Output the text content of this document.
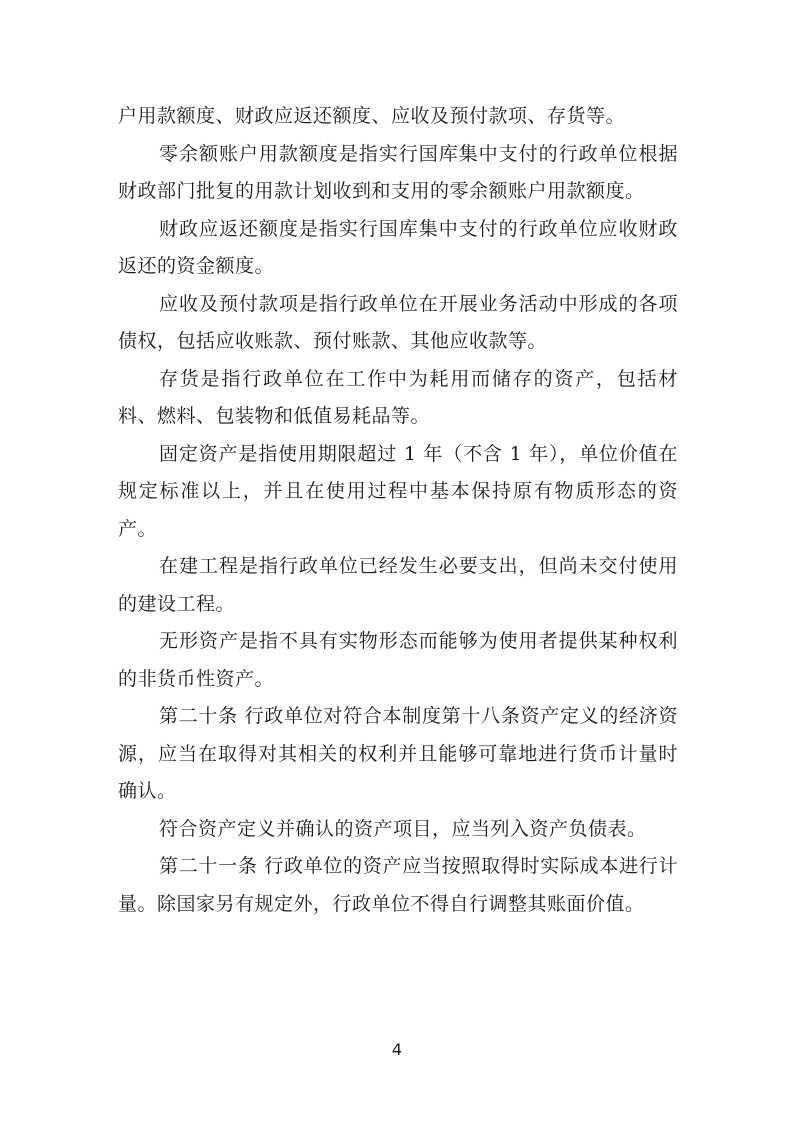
户用款额度、财政应返还额度、应收及预付款项、存货等。

零余额账户用款额度是指实行国库集中支付的行政单位根据财政部门批复的用款计划收到和支用的零余额账户用款额度。

财政应返还额度是指实行国库集中支付的行政单位应收财政返还的资金额度。

应收及预付款项是指行政单位在开展业务活动中形成的各项债权，包括应收账款、预付账款、其他应收款等。

存货是指行政单位在工作中为耗用而储存的资产，包括材料、燃料、包装物和低值易耗品等。

固定资产是指使用期限超过 1 年（不含 1 年），单位价值在规定标准以上，并且在使用过程中基本保持原有物质形态的资产。

在建工程是指行政单位已经发生必要支出，但尚未交付使用的建设工程。

无形资产是指不具有实物形态而能够为使用者提供某种权利的非货币性资产。

第二十条 行政单位对符合本制度第十八条资产定义的经济资源，应当在取得对其相关的权利并且能够可靠地进行货币计量时确认。

符合资产定义并确认的资产项目，应当列入资产负债表。

第二十一条 行政单位的资产应当按照取得时实际成本进行计量。除国家另有规定外，行政单位不得自行调整其账面价值。

4
